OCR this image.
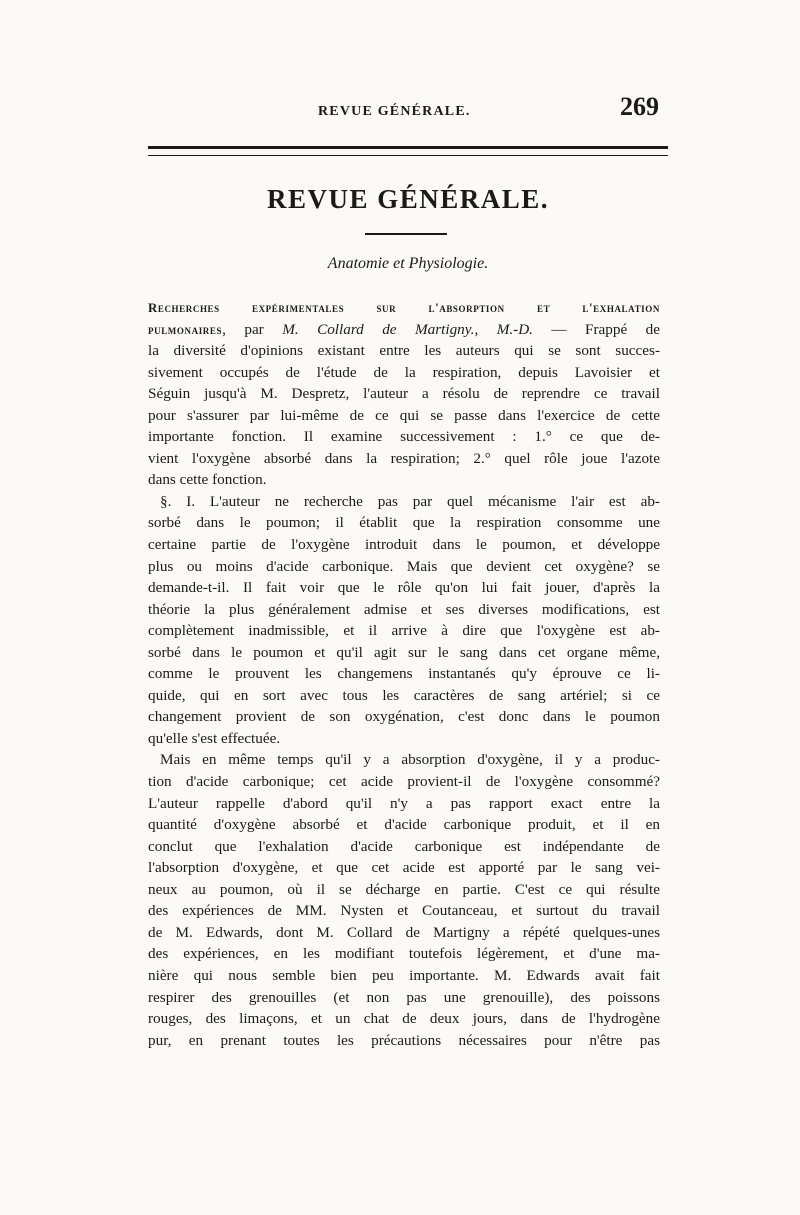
REVUE GÉNÉRALE.	269
REVUE GÉNÉRALE.
Anatomie et Physiologie.
Recherches expérimentales sur l'absorption et l'exhalation
pulmonaires, par M. Collard de Martigny., M.-D. — Frappé de
la diversité d'opinions existant entre les auteurs qui se sont succes-
sivement occupés de l'étude de la respiration, depuis Lavoisier et
Séguin jusqu'à M. Despretz, l'auteur a résolu de reprendre ce travail
pour s'assurer par lui-même de ce qui se passe dans l'exercice de cette
importante fonction. Il examine successivement : 1.° ce que de-
vient l'oxygène absorbé dans la respiration; 2.° quel rôle joue l'azote
dans cette fonction.
§. I. L'auteur ne recherche pas par quel mécanisme l'air est ab-
sorbé dans le poumon; il établit que la respiration consomme une
certaine partie de l'oxygène introduit dans le poumon, et développe
plus ou moins d'acide carbonique. Mais que devient cet oxygène? se
demande-t-il. Il fait voir que le rôle qu'on lui fait jouer, d'après la
théorie la plus généralement admise et ses diverses modifications, est
complètement inadmissible, et il arrive à dire que l'oxygène est ab-
sorbé dans le poumon et qu'il agit sur le sang dans cet organe même,
comme le prouvent les changemens instantanés qu'y éprouve ce li-
quide, qui en sort avec tous les caractères de sang artériel; si ce
changement provient de son oxygénation, c'est donc dans le poumon
qu'elle s'est effectuée.
Mais en même temps qu'il y a absorption d'oxygène, il y a produc-
tion d'acide carbonique; cet acide provient-il de l'oxygène consommé?
L'auteur rappelle d'abord qu'il n'y a pas rapport exact entre la
quantité d'oxygène absorbé et d'acide carbonique produit, et il en
conclut que l'exhalation d'acide carbonique est indépendante de
l'absorption d'oxygène, et que cet acide est apporté par le sang vei-
neux au poumon, où il se décharge en partie. C'est ce qui résulte
des expériences de MM. Nysten et Coutanceau, et surtout du travail
de M. Edwards, dont M. Collard de Martigny a répété quelques-unes
des expériences, en les modifiant toutefois légèrement, et d'une ma-
nière qui nous semble bien peu importante. M. Edwards avait fait
respirer des grenouilles (et non pas une grenouille), des poissons
rouges, des limaçons, et un chat de deux jours, dans de l'hydrogène
pur, en prenant toutes les précautions nécessaires pour n'être pas
